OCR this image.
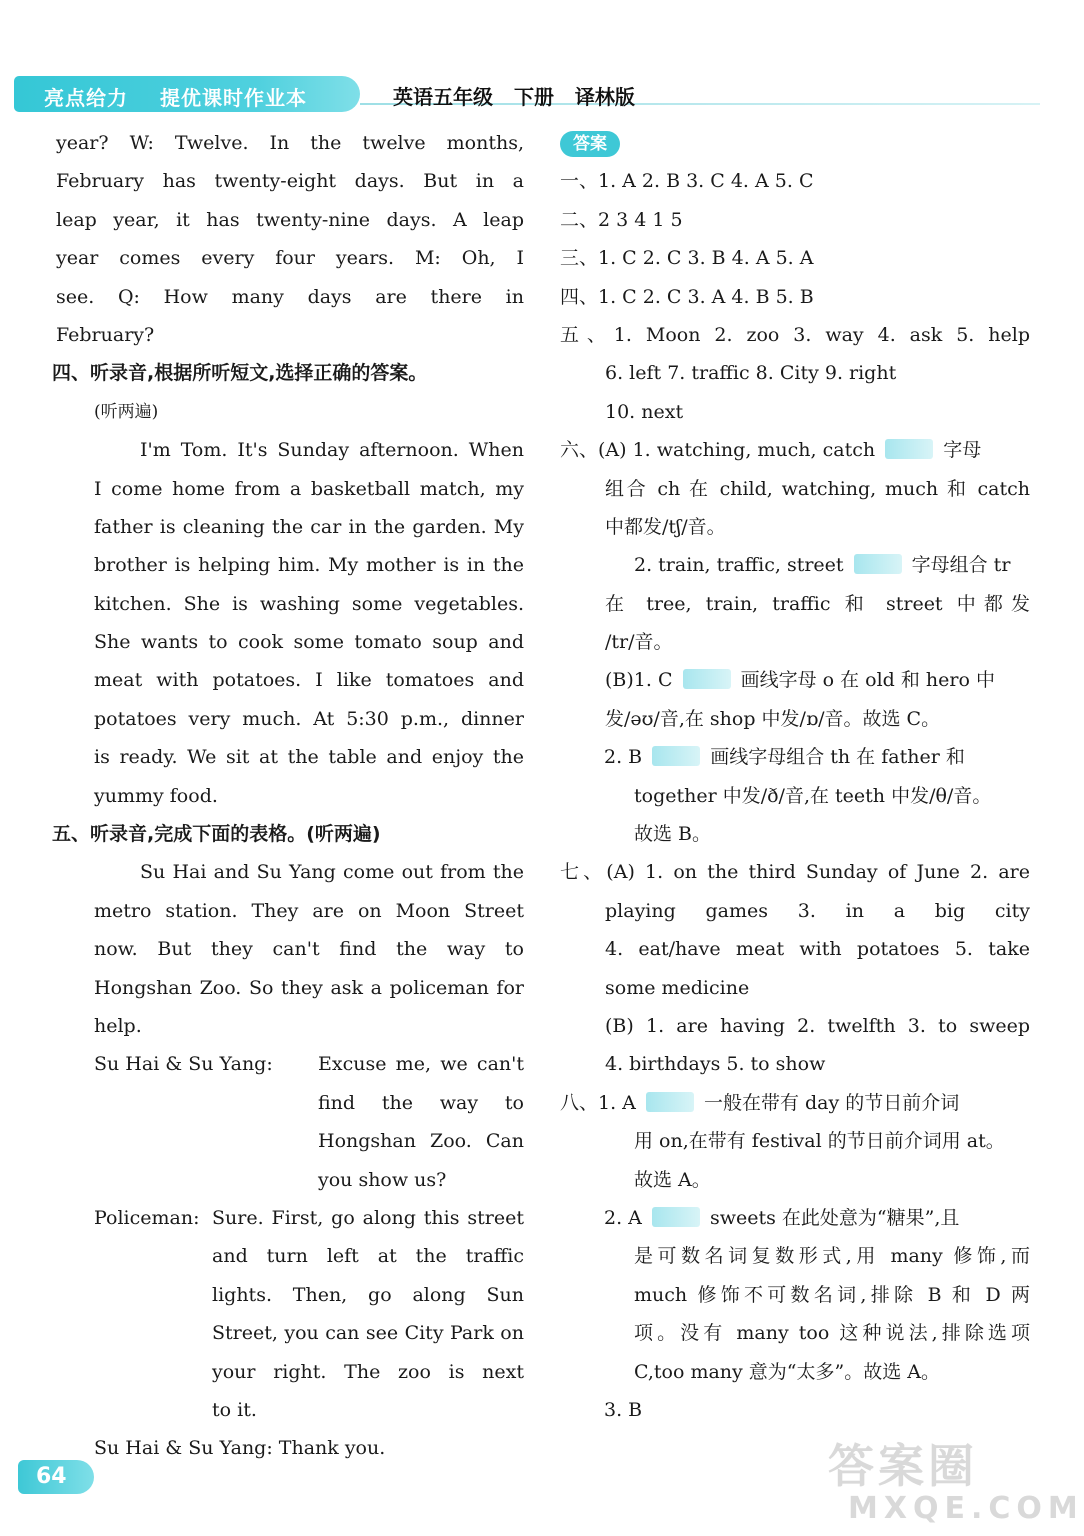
亮点给力 提优课时作业本	英语五年级 下册 译林版
year? W: Twelve. In the twelve months,
February has twenty-eight days. But in a
leap year, it has twenty-nine days. A leap
year comes every four years. M: Oh, I
see. Q: How many days are there in
February?
四、听录音,根据所听短文,选择正确的答案。
(听两遍)
I'm Tom. It's Sunday afternoon. When
I come home from a basketball match, my
father is cleaning the car in the garden. My
brother is helping him. My mother is in the
kitchen. She is washing some vegetables.
She wants to cook some tomato soup and
meat with potatoes. I like tomatoes and
potatoes very much. At 5:30 p.m., dinner
is ready. We sit at the table and enjoy the
yummy food.
五、听录音,完成下面的表格。(听两遍)
Su Hai and Su Yang come out from the
metro station. They are on Moon Street
now. But they can't find the way to
Hongshan Zoo. So they ask a policeman for
help.
Su Hai & Su Yang: Excuse me, we can't
find the way to
Hongshan Zoo. Can
you show us?
Policeman: Sure. First, go along this street
and turn left at the traffic
lights. Then, go along Sun
Street, you can see City Park on
your right. The zoo is next
to it.
Su Hai & Su Yang: Thank you.
答案
一、1. A 2. B 3. C 4. A 5. C
二、2 3 4 1 5
三、1. C 2. C 3. B 4. A 5. A
四、1. C 2. C 3. A 4. B 5. B
五、1. Moon 2. zoo 3. way 4. ask 5. help
6. left 7. traffic 8. City 9. right
10. next
六、(A) 1. watching, much, catch	字母
组合 ch 在 child, watching, much 和 catch
中都发/tʃ/音。
2. train, traffic, street	字母组合 tr
在 tree, train, traffic 和 street 中都发
/tr/音。
(B)1. C	画线字母 o 在 old 和 hero 中
发/əʊ/音,在 shop 中发/ɒ/音。故选 C。
2. B	画线字母组合 th 在 father 和
together 中发/ð/音,在 teeth 中发/θ/音。
故选 B。
七、(A) 1. on the third Sunday of June 2. are
playing games 3. in a big city
4. eat/have meat with potatoes 5. take
some medicine
(B) 1. are having 2. twelfth 3. to sweep
4. birthdays 5. to show
八、1. A	一般在带有 day 的节日前介词
用 on,在带有 festival 的节日前介词用 at。
故选 A。
2. A	sweets 在此处意为“糖果”,且
是可数名词复数形式,用 many 修饰,而
much 修饰不可数名词,排除 B 和 D 两
项。没有 many too 这种说法,排除选项
C,too many 意为“太多”。故选 A。
3. B
64	答案圈
MXQE.COM
